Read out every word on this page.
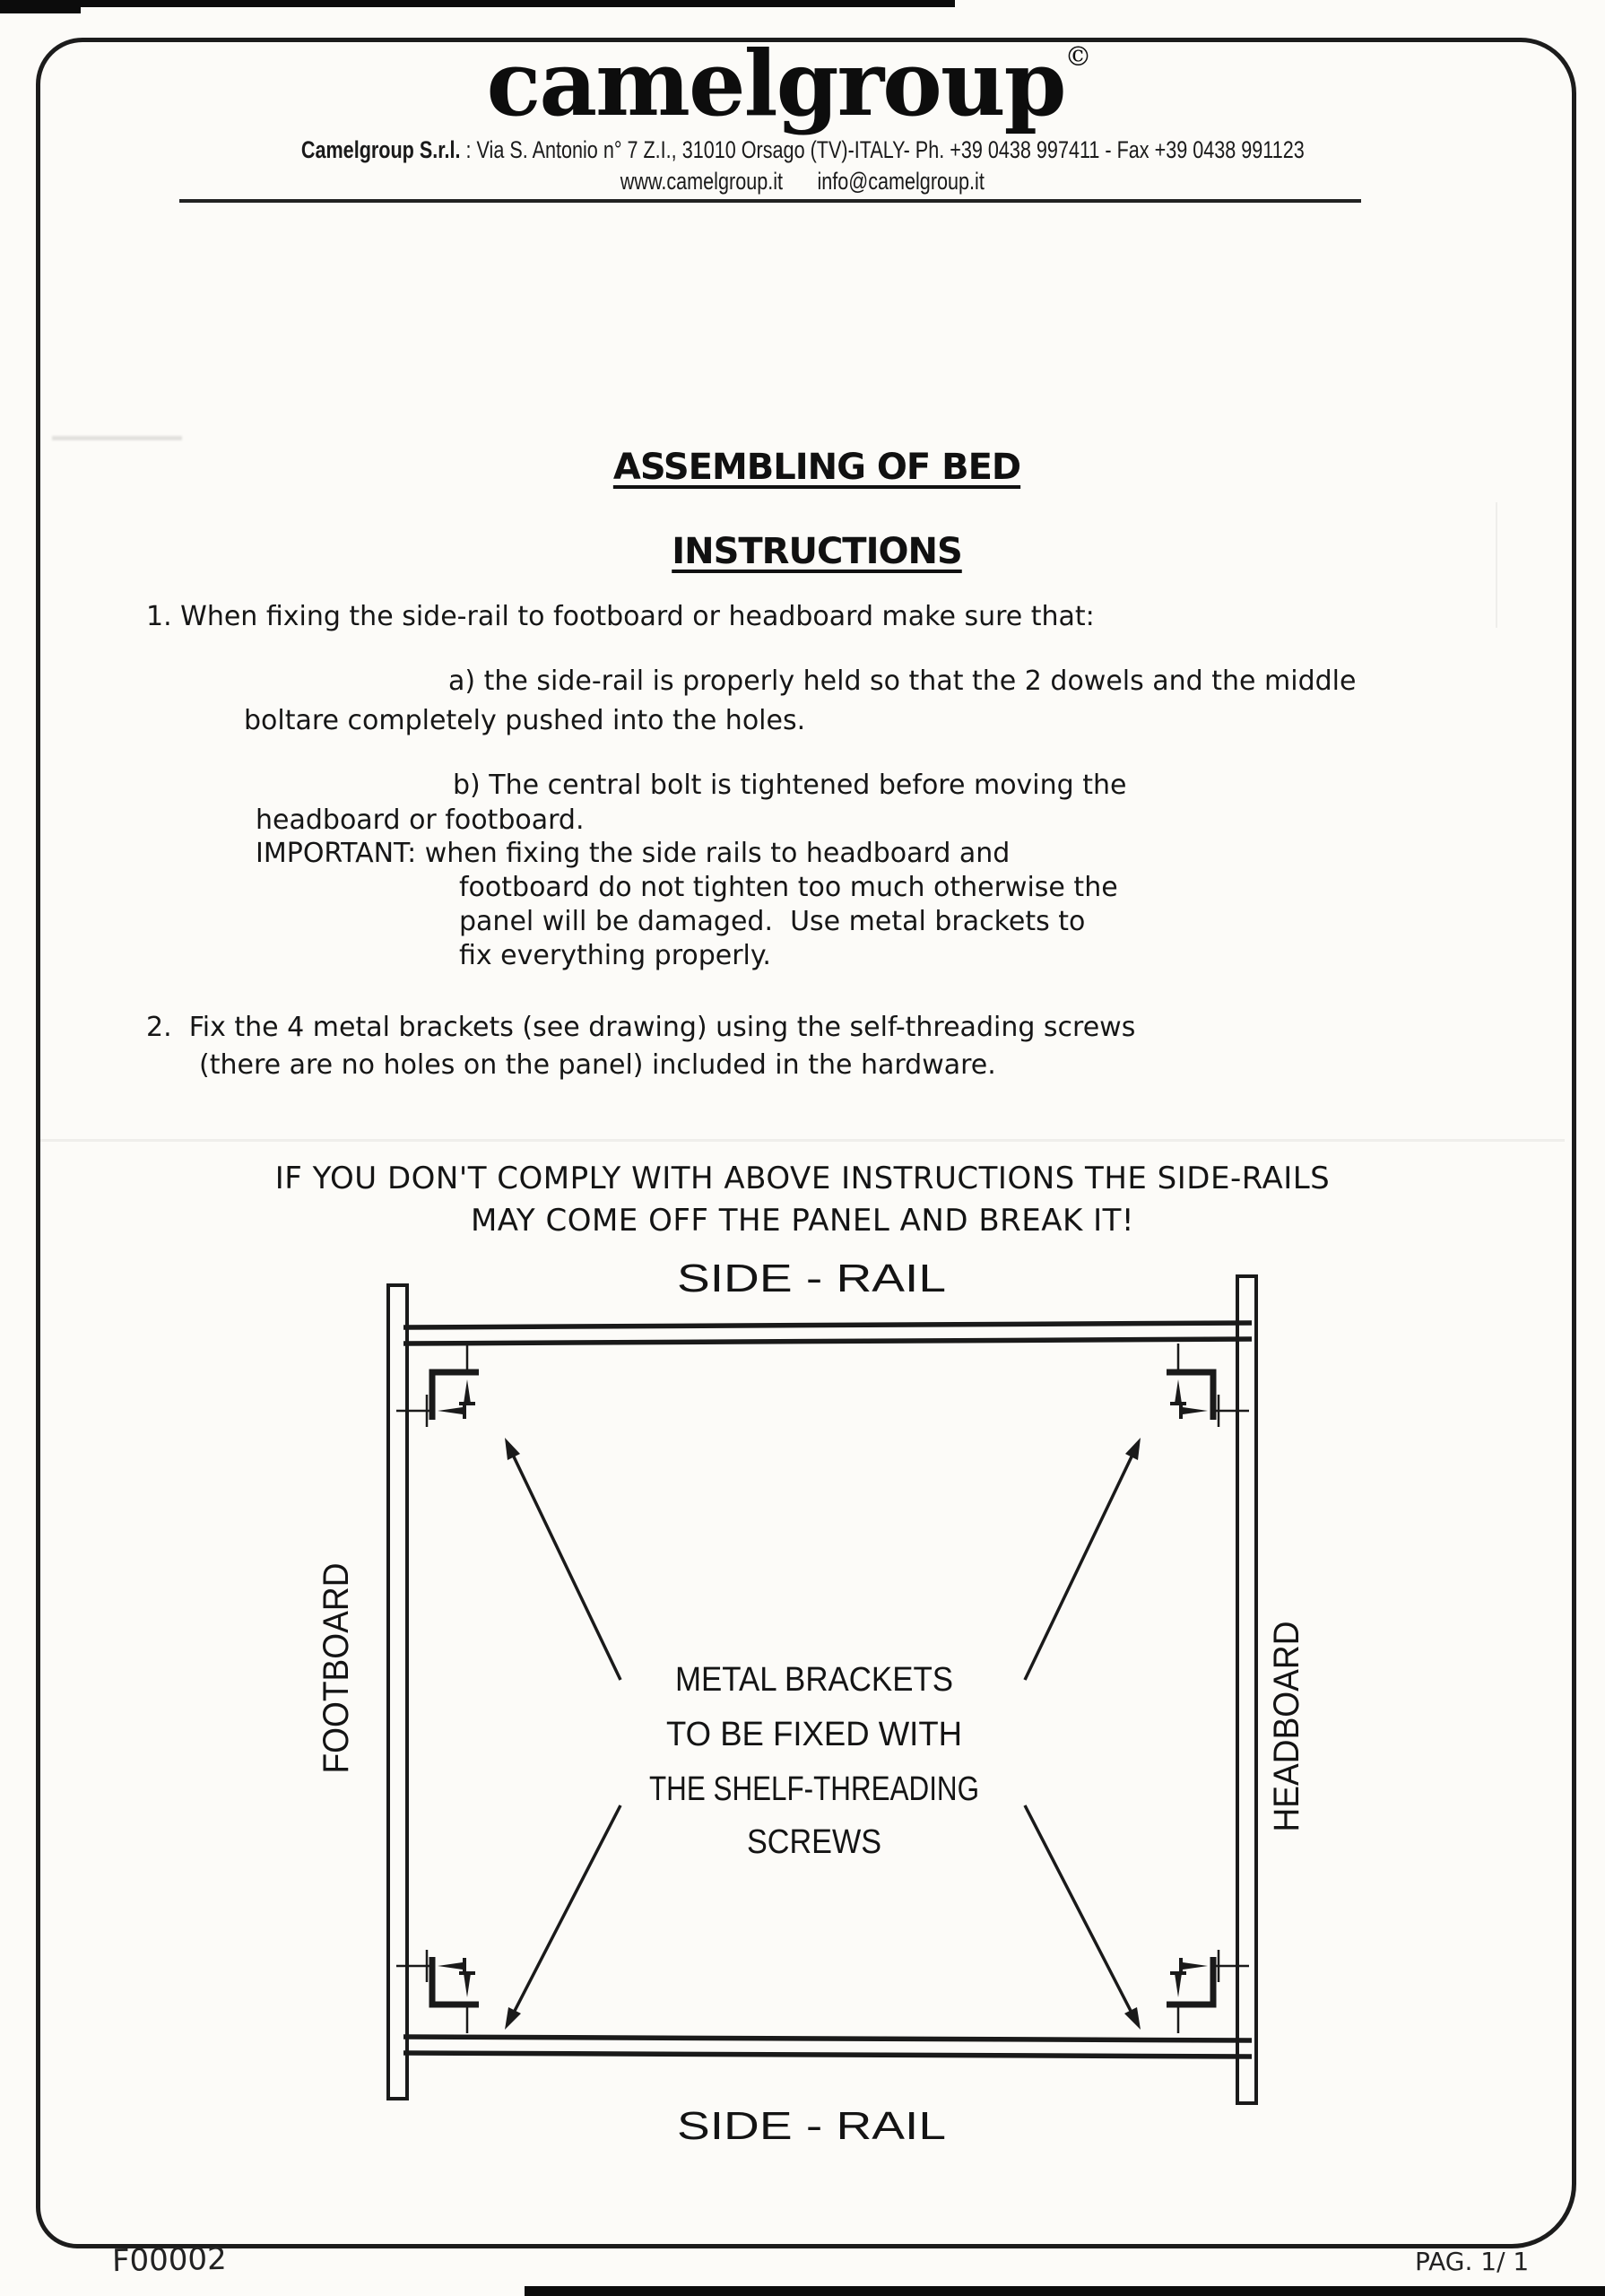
camelgroup©
Camelgroup S.r.l. : Via S. Antonio n° 7 Z.I., 31010 Orsago (TV)-ITALY- Ph. +39 0438 997411 - Fax +39 0438 991123
www.camelgroup.it info@camelgroup.it
ASSEMBLING OF BED
INSTRUCTIONS
1. When fixing the side-rail to footboard or headboard make sure that:
a) the side-rail is properly held so that the 2 dowels and the middle
boltare completely pushed into the holes.
b) The central bolt is tightened before moving the
headboard or footboard.
IMPORTANT: when fixing the side rails to headboard and
footboard do not tighten too much otherwise the
panel will be damaged.  Use metal brackets to
fix everything properly.
2.  Fix the 4 metal brackets (see drawing) using the self-threading screws
(there are no holes on the panel) included in the hardware.
IF YOU DON'T COMPLY WITH ABOVE INSTRUCTIONS THE SIDE-RAILS
MAY COME OFF THE PANEL AND BREAK IT!
SIDE - RAIL
SIDE - RAIL
FOOTBOARD	HEADBOARD
METAL BRACKETS
TO BE FIXED WITH
THE SHELF-THREADING
SCREWS
F00002	PAG. 1/ 1
